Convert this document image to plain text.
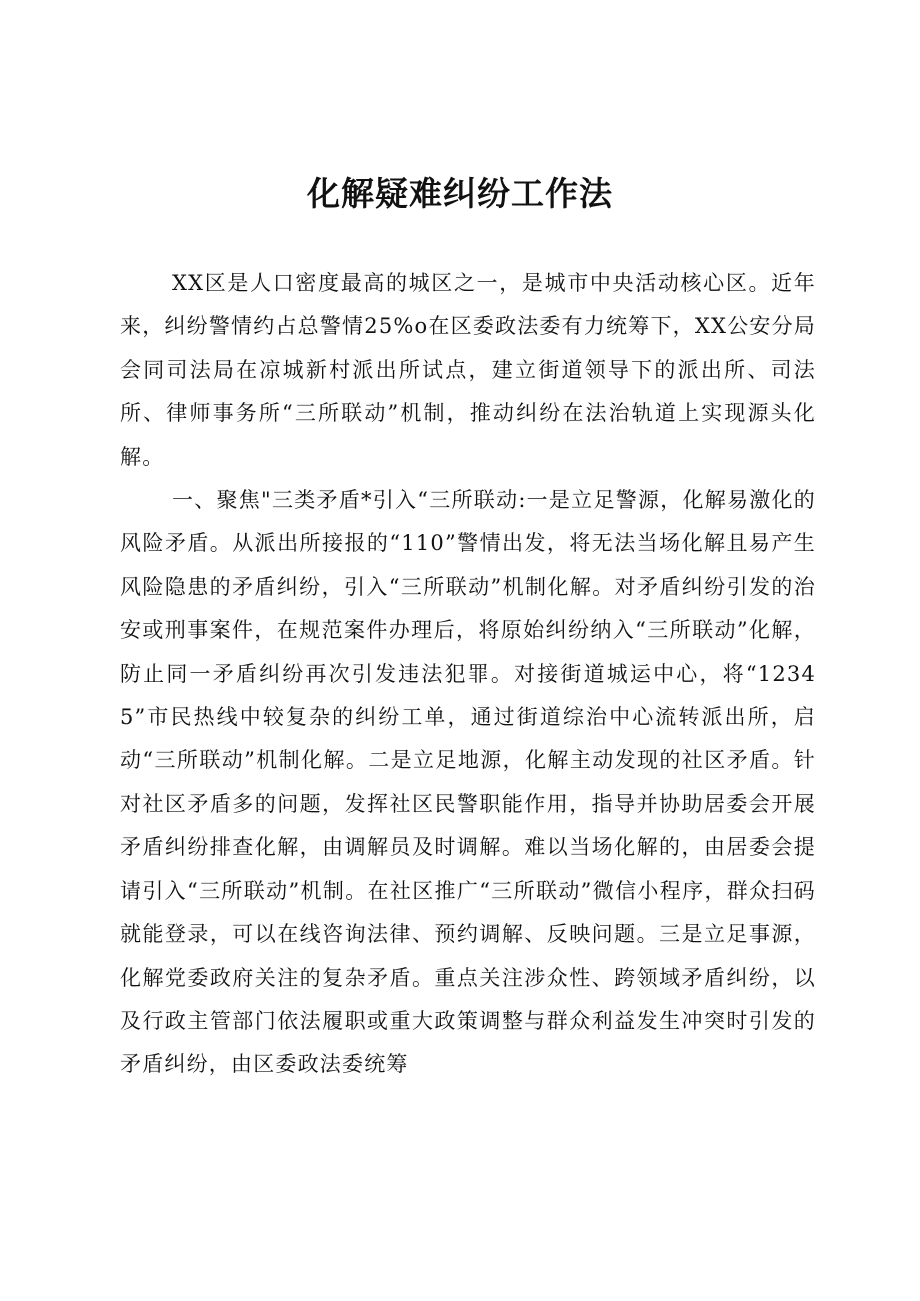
化解疑难纠纷工作法

XX区是人口密度最高的城区之一，是城市中央活动核心区。近年来，纠纷警情约占总警情25%o在区委政法委有力统筹下，XX公安分局会同司法局在凉城新村派出所试点，建立街道领导下的派出所、司法所、律师事务所“三所联动”机制，推动纠纷在法治轨道上实现源头化解。

一、聚焦"三类矛盾*引入“三所联动:一是立足警源，化解易激化的风险矛盾。从派出所接报的“110”警情出发，将无法当场化解且易产生风险隐患的矛盾纠纷，引入“三所联动”机制化解。对矛盾纠纷引发的治安或刑事案件，在规范案件办理后，将原始纠纷纳入“三所联动”化解，防止同一矛盾纠纷再次引发违法犯罪。对接街道城运中心，将“12345”市民热线中较复杂的纠纷工单，通过街道综治中心流转派出所，启动“三所联动”机制化解。二是立足地源，化解主动发现的社区矛盾。针对社区矛盾多的问题，发挥社区民警职能作用，指导并协助居委会开展矛盾纠纷排查化解，由调解员及时调解。难以当场化解的，由居委会提请引入“三所联动”机制。在社区推广“三所联动”微信小程序，群众扫码就能登录，可以在线咨询法律、预约调解、反映问题。三是立足事源，化解党委政府关注的复杂矛盾。重点关注涉众性、跨领域矛盾纠纷，以及行政主管部门依法履职或重大政策调整与群众利益发生冲突时引发的矛盾纠纷，由区委政法委统筹
